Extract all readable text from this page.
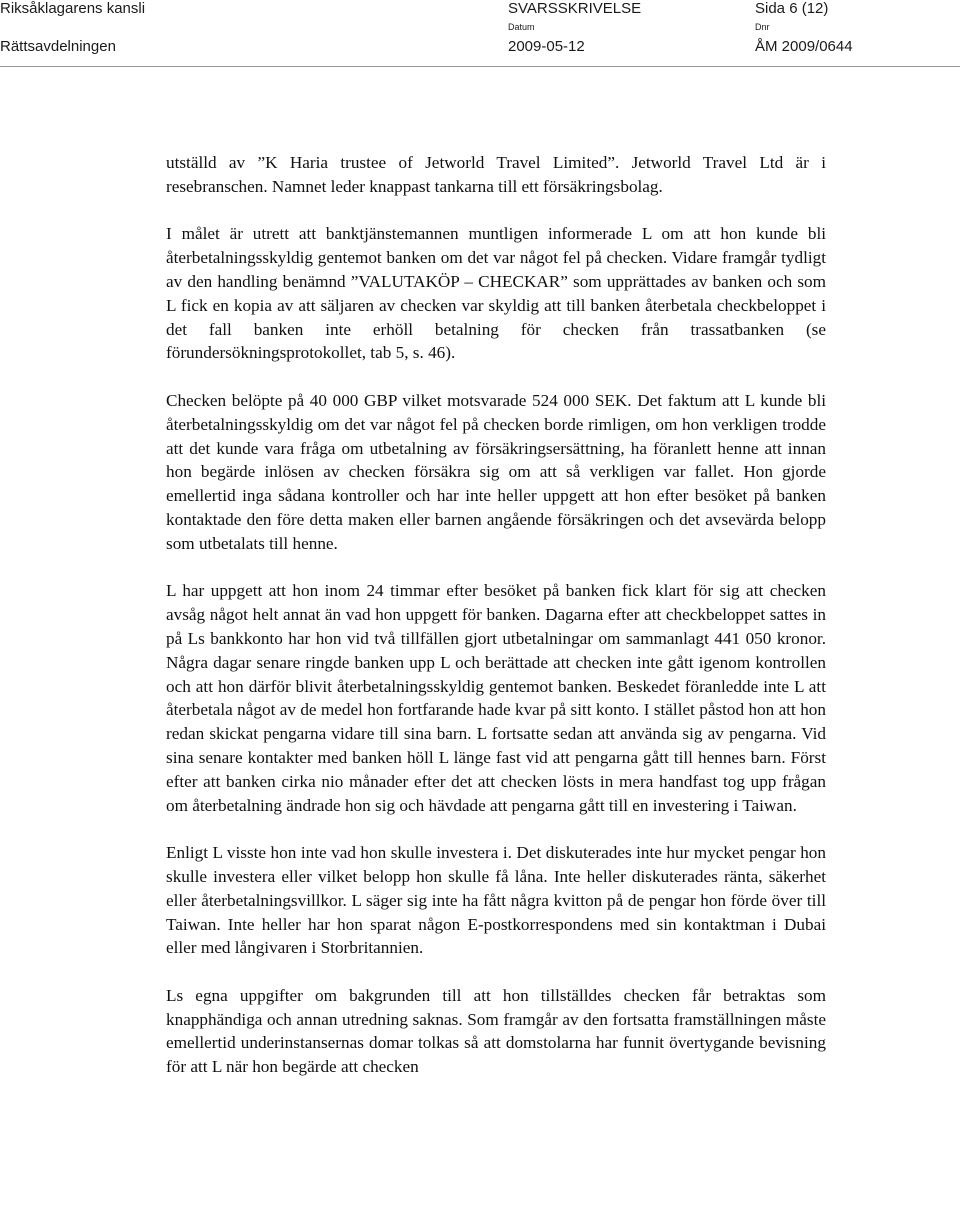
Riksåklagarens kansli
Rättsavdelningen
SVARSSKRIVELSE	Sida 6 (12)
Datum
2009-05-12
Dnr
ÅM 2009/0644

utställd av ”K Haria trustee of Jetworld Travel Limited”. Jetworld Travel Ltd är i resebranschen. Namnet leder knappast tankarna till ett försäkringsbolag.

I målet är utrett att banktjänstemannen muntligen informerade L om att hon kunde bli återbetalningsskyldig gentemot banken om det var något fel på checken. Vidare framgår tydligt av den handling benämnd ”VALUTAKÖP – CHECKAR” som upprättades av banken och som L fick en kopia av att säljaren av checken var skyldig att till banken återbetala checkbeloppet i det fall banken inte erhöll betalning för checken från trassatbanken (se förundersökningsprotokollet, tab 5, s. 46).

Checken belöpte på 40 000 GBP vilket motsvarade 524 000 SEK. Det faktum att L kunde bli återbetalningsskyldig om det var något fel på checken borde rimligen, om hon verkligen trodde att det kunde vara fråga om utbetalning av försäkringsersättning, ha föranlett henne att innan hon begärde inlösen av checken försäkra sig om att så verkligen var fallet. Hon gjorde emellertid inga sådana kontroller och har inte heller uppgett att hon efter besöket på banken kontaktade den före detta maken eller barnen angående försäkringen och det avsevärda belopp som utbetalats till henne.

L har uppgett att hon inom 24 timmar efter besöket på banken fick klart för sig att checken avsåg något helt annat än vad hon uppgett för banken. Dagarna efter att checkbeloppet sattes in på Ls bankkonto har hon vid två tillfällen gjort utbetalningar om sammanlagt 441 050 kronor. Några dagar senare ringde banken upp L och berättade att checken inte gått igenom kontrollen och att hon därför blivit återbetalningsskyldig gentemot banken. Beskedet föranledde inte L att återbetala något av de medel hon fortfarande hade kvar på sitt konto. I stället påstod hon att hon redan skickat pengarna vidare till sina barn. L fortsatte sedan att använda sig av pengarna. Vid sina senare kontakter med banken höll L länge fast vid att pengarna gått till hennes barn. Först efter att banken cirka nio månader efter det att checken lösts in mera handfast tog upp frågan om återbetalning ändrade hon sig och hävdade att pengarna gått till en investering i Taiwan.

Enligt L visste hon inte vad hon skulle investera i. Det diskuterades inte hur mycket pengar hon skulle investera eller vilket belopp hon skulle få låna. Inte heller diskuterades ränta, säkerhet eller återbetalningsvillkor. L säger sig inte ha fått några kvitton på de pengar hon förde över till Taiwan. Inte heller har hon sparat någon E-postkorrespondens med sin kontaktman i Dubai eller med långivaren i Storbritannien.

Ls egna uppgifter om bakgrunden till att hon tillställdes checken får betraktas som knapphändiga och annan utredning saknas. Som framgår av den fortsatta framställningen måste emellertid underinstansernas domar tolkas så att domstolarna har funnit övertygande bevisning för att L när hon begärde att checken
